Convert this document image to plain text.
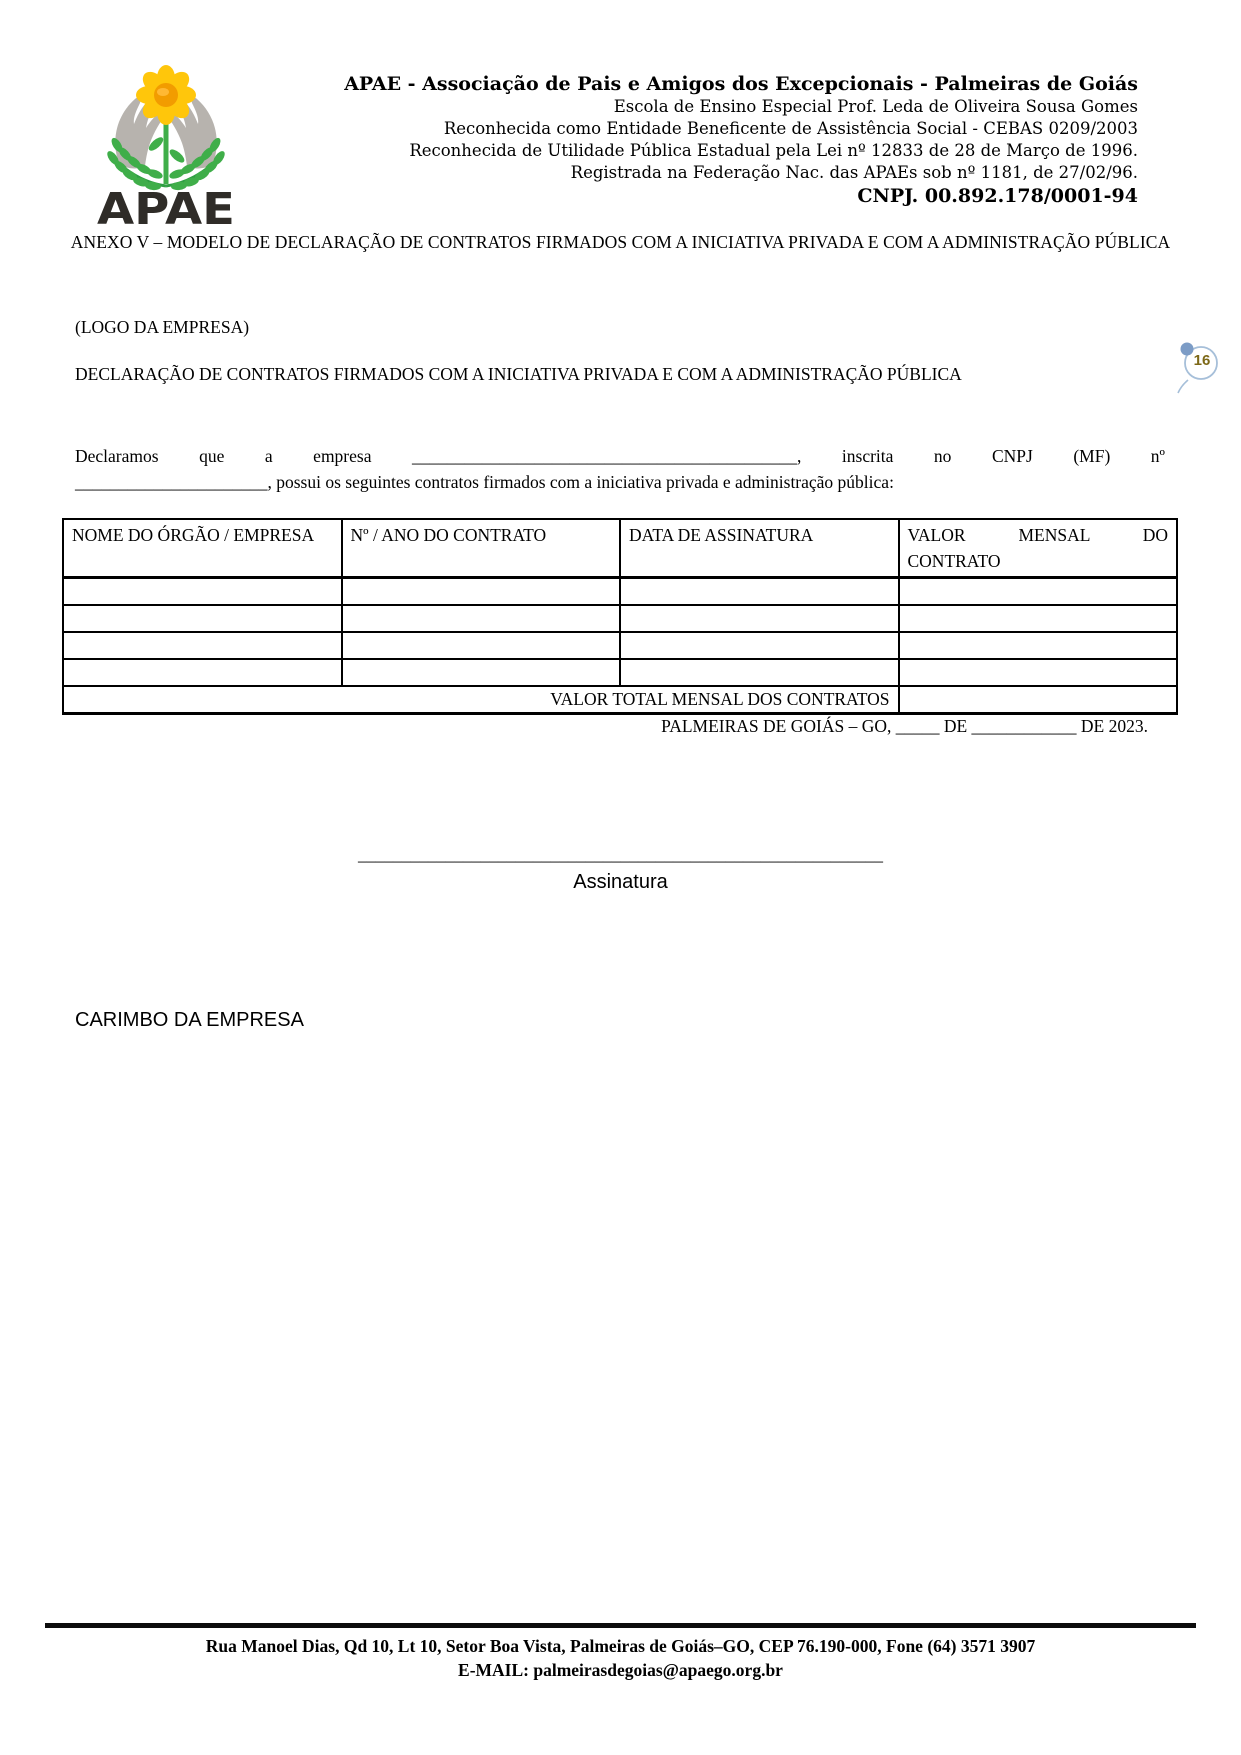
APAE
APAE - Associação de Pais e Amigos dos Excepcionais - Palmeiras de Goiás
Escola de Ensino Especial Prof. Leda de Oliveira Sousa Gomes
Reconhecida como Entidade Beneficente de Assistência Social - CEBAS 0209/2003
Reconhecida de Utilidade Pública Estadual pela Lei nº 12833 de 28 de Março de 1996.
Registrada na Federação Nac. das APAEs sob nº 1181, de 27/02/96.
CNPJ. 00.892.178/0001-94
ANEXO V – MODELO DE DECLARAÇÃO DE CONTRATOS FIRMADOS COM A INICIATIVA PRIVADA E COM A ADMINISTRAÇÃO PÚBLICA
16
(LOGO DA EMPRESA)
DECLARAÇÃO DE CONTRATOS FIRMADOS COM A INICIATIVA PRIVADA E COM A ADMINISTRAÇÃO PÚBLICA

Declaramos que a empresa ____________________________________________, inscrita no CNPJ (MF) nº ______________________, possui os seguintes contratos firmados com a iniciativa privada e administração pública:

NOME DO ÓRGÃO / EMPRESA	Nº / ANO DO CONTRATO	DATA DE ASSINATURA	VALOR MENSAL DO CONTRATO

VALOR TOTAL MENSAL DOS CONTRATOS			
PALMEIRAS DE GOIÁS – GO, _____ DE ____________ DE 2023.
____________________________________________________________
Assinatura
CARIMBO DA EMPRESA
Rua Manoel Dias, Qd 10, Lt 10, Setor Boa Vista, Palmeiras de Goiás–GO, CEP 76.190-000, Fone (64) 3571 3907
E-MAIL: palmeirasdegoias@apaego.org.br
